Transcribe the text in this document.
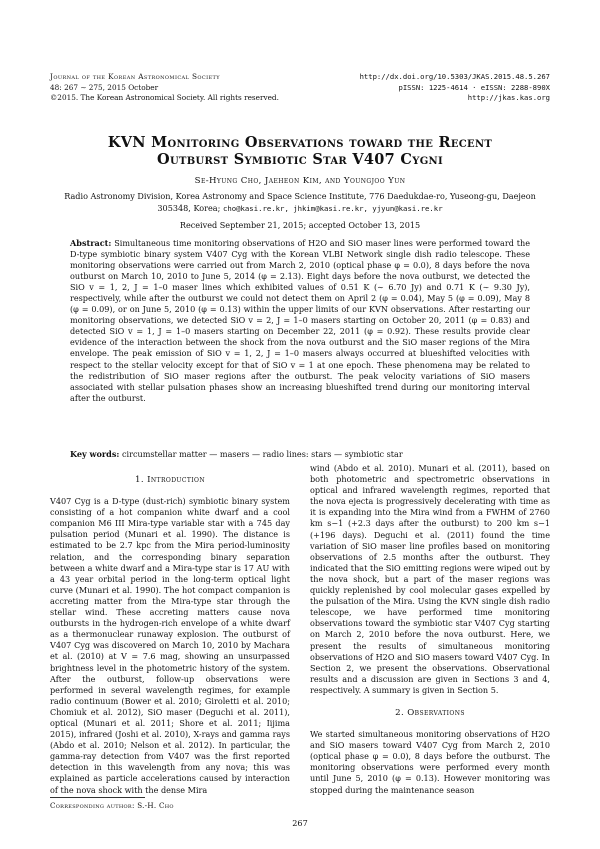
Journal of the Korean Astronomical Society
48: 267 ∼ 275, 2015 October
©2015. The Korean Astronomical Society. All rights reserved.
http://dx.doi.org/10.5303/JKAS.2015.48.5.267
pISSN: 1225-4614 · eISSN: 2288-890X
http://jkas.kas.org
KVN Monitoring Observations toward the Recent
Outburst Symbiotic Star V407 Cygni
Se-Hyung Cho, Jaeheon Kim, and Youngjoo Yun
Radio Astronomy Division, Korea Astronomy and Space Science Institute, 776 Daedukdae-ro, Yuseong-gu, Daejeon
305348, Korea; cho@kasi.re.kr, jhkim@kasi.re.kr, yjyun@kasi.re.kr
Received September 21, 2015; accepted October 13, 2015
Abstract: Simultaneous time monitoring observations of H2O and SiO maser lines were performed toward the D-type symbiotic binary system V407 Cyg with the Korean VLBI Network single dish radio telescope. These monitoring observations were carried out from March 2, 2010 (optical phase φ = 0.0), 8 days before the nova outburst on March 10, 2010 to June 5, 2014 (φ = 2.13). Eight days before the nova outburst, we detected the SiO v = 1, 2, J = 1–0 maser lines which exhibited values of 0.51 K (∼ 6.70 Jy) and 0.71 K (∼ 9.30 Jy), respectively, while after the outburst we could not detect them on April 2 (φ = 0.04), May 5 (φ = 0.09), May 8 (φ = 0.09), or on June 5, 2010 (φ = 0.13) within the upper limits of our KVN observations. After restarting our monitoring observations, we detected SiO v = 2, J = 1–0 masers starting on October 20, 2011 (φ = 0.83) and detected SiO v = 1, J = 1–0 masers starting on December 22, 2011 (φ = 0.92). These results provide clear evidence of the interaction between the shock from the nova outburst and the SiO maser regions of the Mira envelope. The peak emission of SiO v = 1, 2, J = 1–0 masers always occurred at blueshifted velocities with respect to the stellar velocity except for that of SiO v = 1 at one epoch. These phenomena may be related to the redistribution of SiO maser regions after the outburst. The peak velocity variations of SiO masers associated with stellar pulsation phases show an increasing blueshifted trend during our monitoring interval after the outburst.
Key words: circumstellar matter — masers — radio lines: stars — symbiotic star
1. Introduction
V407 Cyg is a D-type (dust-rich) symbiotic binary system consisting of a hot companion white dwarf and a cool companion M6 III Mira-type variable star with a 745 day pulsation period (Munari et al. 1990). The distance is estimated to be 2.7 kpc from the Mira period-luminosity relation, and the corresponding binary separation between a white dwarf and a Mira-type star is 17 AU with a 43 year orbital period in the long-term optical light curve (Munari et al. 1990). The hot compact companion is accreting matter from the Mira-type star through the stellar wind. These accreting matters cause nova outbursts in the hydrogen-rich envelope of a white dwarf as a thermonuclear runaway explosion. The outburst of V407 Cyg was discovered on March 10, 2010 by Machara et al. (2010) at V = 7.6 mag, showing an unsurpassed brightness level in the photometric history of the system. After the outburst, follow-up observations were performed in several wavelength regimes, for example radio continuum (Bower et al. 2010; Giroletti et al. 2010; Chomiuk et al. 2012), SiO maser (Deguchi et al. 2011), optical (Munari et al. 2011; Shore et al. 2011; Iijima 2015), infrared (Joshi et al. 2010), X-rays and gamma rays (Abdo et al. 2010; Nelson et al. 2012). In particular, the gamma-ray detection from V407 was the first reported detection in this wavelength from any nova; this was explained as particle accelerations caused by interaction of the nova shock with the dense Mira
wind (Abdo et al. 2010). Munari et al. (2011), based on both photometric and spectrometric observations in optical and infrared wavelength regimes, reported that the nova ejecta is progressively decelerating with time as it is expanding into the Mira wind from a FWHM of 2760 km s−1 (+2.3 days after the outburst) to 200 km s−1 (+196 days). Deguchi et al. (2011) found the time variation of SiO maser line profiles based on monitoring observations of 2.5 months after the outburst. They indicated that the SiO emitting regions were wiped out by the nova shock, but a part of the maser regions was quickly replenished by cool molecular gases expelled by the pulsation of the Mira. Using the KVN single dish radio telescope, we have performed time monitoring observations toward the symbiotic star V407 Cyg starting on March 2, 2010 before the nova outburst. Here, we present the results of simultaneous monitoring observations of H2O and SiO masers toward V407 Cyg. In Section 2, we present the observations. Observational results and a discussion are given in Sections 3 and 4, respectively. A summary is given in Section 5.
2. Observations
We started simultaneous monitoring observations of H2O and SiO masers toward V407 Cyg from March 2, 2010 (optical phase φ = 0.0), 8 days before the outburst. The monitoring observations were performed every month until June 5, 2010 (φ = 0.13). However monitoring was stopped during the maintenance season
Corresponding author: S.-H. Cho
267
